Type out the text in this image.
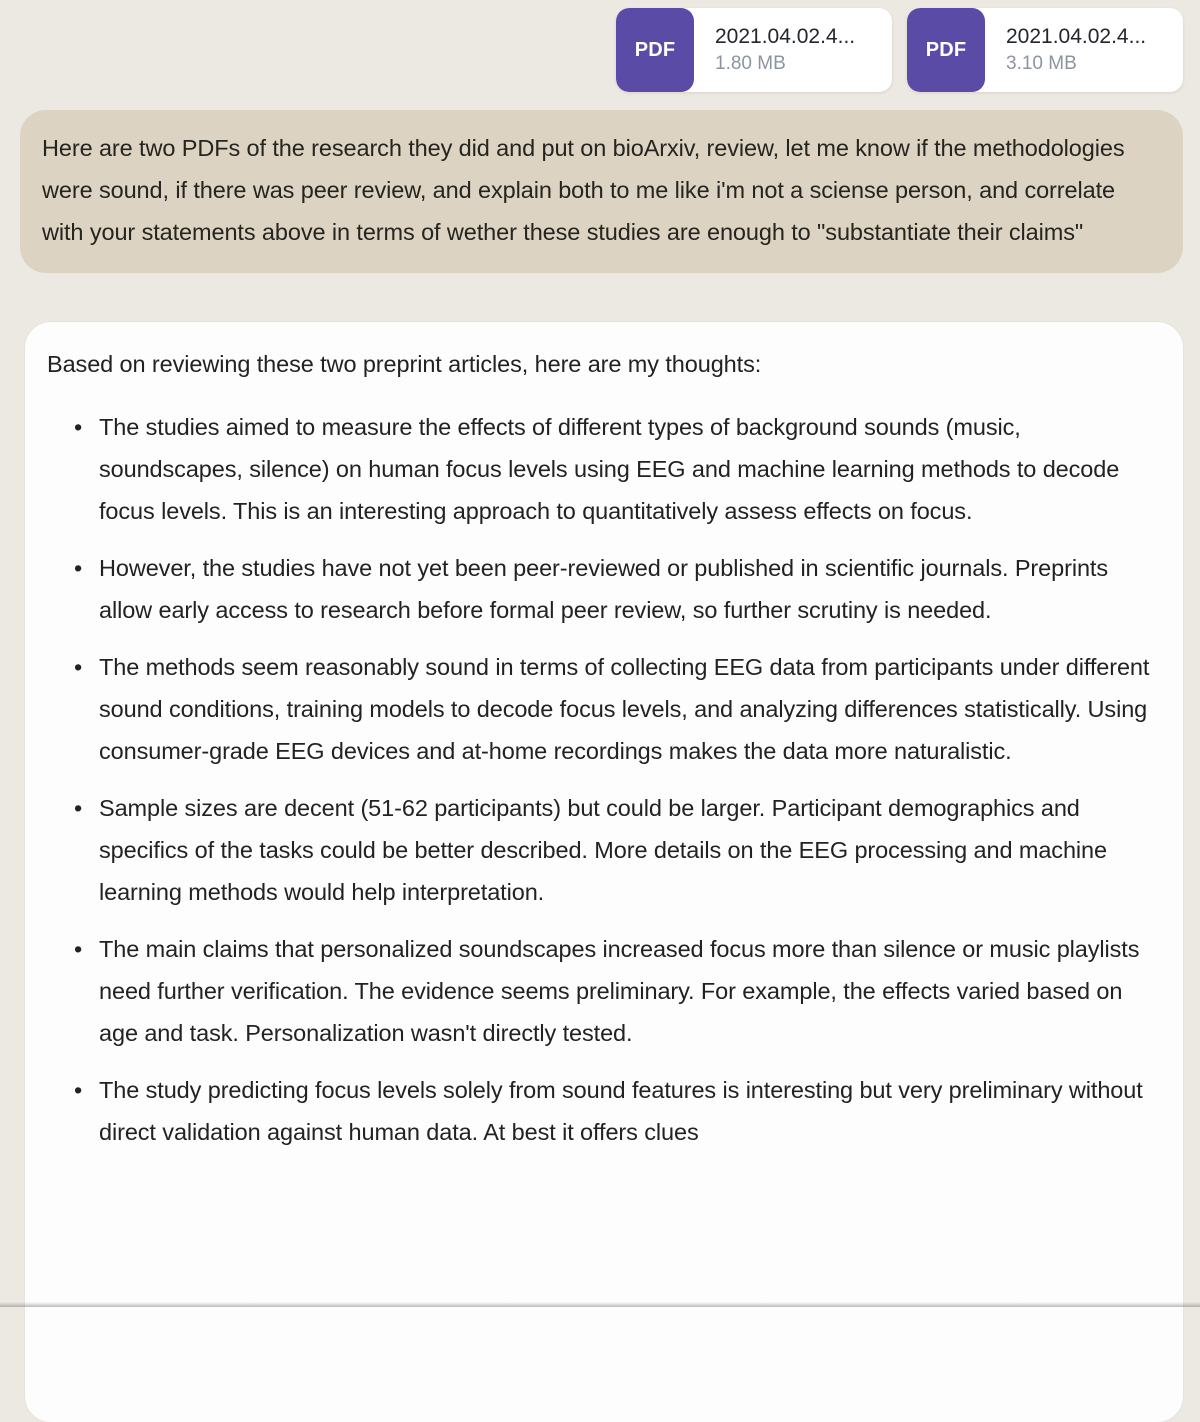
PDF
2021.04.02.4...
1.80 MB
PDF
2021.04.02.4...
3.10 MB

Here are two PDFs of the research they did and put on bioArxiv, review, let me know if the methodologies were sound, if there was peer review, and explain both to me like i'm not a sciense person, and correlate with your statements above in terms of wether these studies are enough to "substantiate their claims"

Based on reviewing these two preprint articles, here are my thoughts:

• The studies aimed to measure the effects of different types of background sounds (music, soundscapes, silence) on human focus levels using EEG and machine learning methods to decode focus levels. This is an interesting approach to quantitatively assess effects on focus.
• However, the studies have not yet been peer-reviewed or published in scientific journals. Preprints allow early access to research before formal peer review, so further scrutiny is needed.
• The methods seem reasonably sound in terms of collecting EEG data from participants under different sound conditions, training models to decode focus levels, and analyzing differences statistically. Using consumer-grade EEG devices and at-home recordings makes the data more naturalistic.
• Sample sizes are decent (51-62 participants) but could be larger. Participant demographics and specifics of the tasks could be better described. More details on the EEG processing and machine learning methods would help interpretation.
• The main claims that personalized soundscapes increased focus more than silence or music playlists need further verification. The evidence seems preliminary. For example, the effects varied based on age and task. Personalization wasn't directly tested.
• The study predicting focus levels solely from sound features is interesting but very preliminary without direct validation against human data. At best it offers clues
